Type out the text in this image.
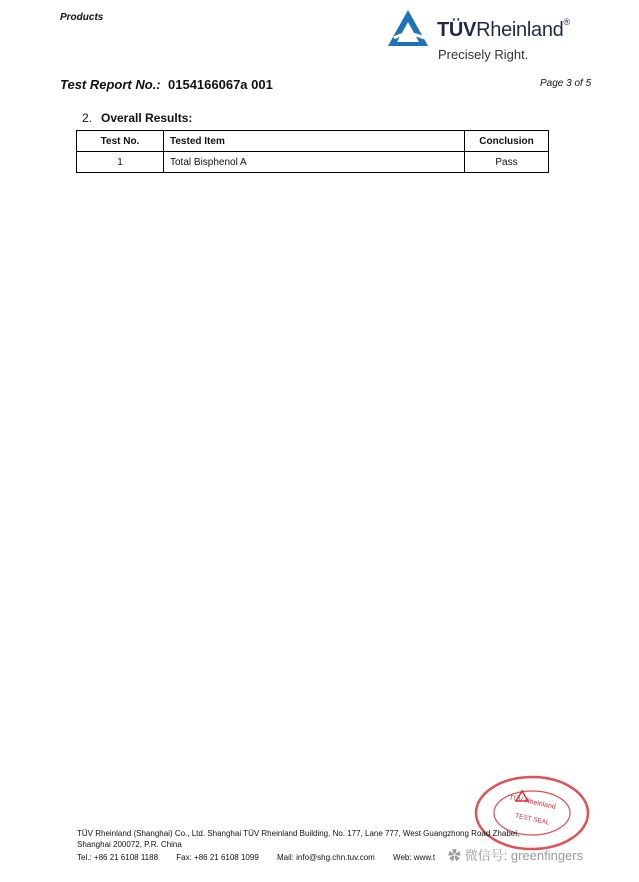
Products
TÜVRheinland®
Precisely Right.
Test Report No.: 0154166067a 001	Page 3 of 5
2. Overall Results:
Test No.	Tested Item	Conclusion
1	Total Bisphenol A	Pass
TÜV Rheinland
TEST SEAL
TÜV Rheinland (Shanghai) Co., Ltd. Shanghai TÜV Rheinland Building, No. 177, Lane 777, West Guangzhong Road Zhabei,
Shanghai 200072, P.R. China
Tel.: +86 21 6108 1188 Fax: +86 21 6108 1099 Mail: info@shg.chn.tuv.com Web: www.t ✿ 微信号: greenfingers
